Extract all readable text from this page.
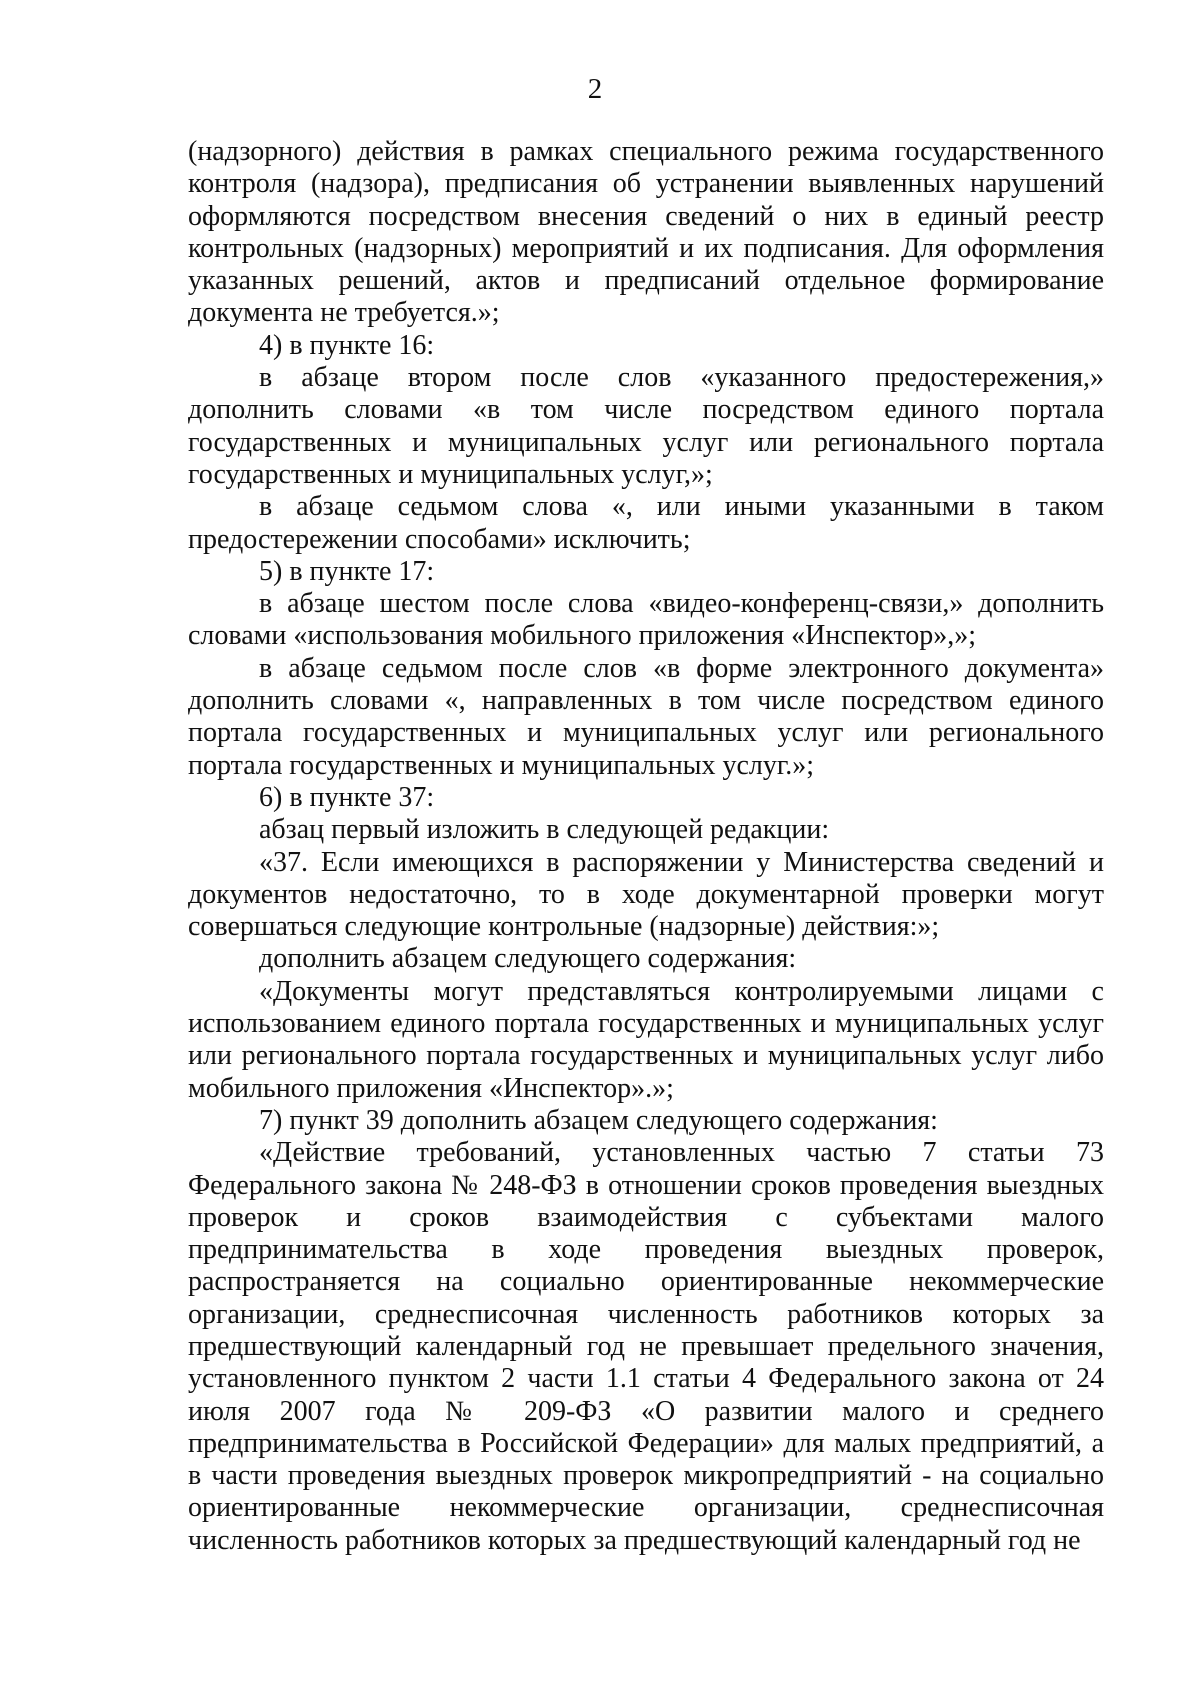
2

(надзорного) действия в рамках специального режима государственного контроля (надзора), предписания об устранении выявленных нарушений оформляются посредством внесения сведений о них в единый реестр контрольных (надзорных) мероприятий и их подписания. Для оформления указанных решений, актов и предписаний отдельное формирование документа не требуется.»;

4) в пункте 16:

в абзаце втором после слов «указанного предостережения,» дополнить словами «в том числе посредством единого портала государственных и муниципальных услуг или регионального портала государственных и муниципальных услуг,»;

в абзаце седьмом слова «, или иными указанными в таком предостережении способами» исключить;

5) в пункте 17:

в абзаце шестом после слова «видео-конференц-связи,» дополнить словами «использования мобильного приложения «Инспектор»,»;

в абзаце седьмом после слов «в форме электронного документа» дополнить словами «, направленных в том числе посредством единого портала государственных и муниципальных услуг или регионального портала государственных и муниципальных услуг.»;

6) в пункте 37:

абзац первый изложить в следующей редакции:

«37. Если имеющихся в распоряжении у Министерства сведений и документов недостаточно, то в ходе документарной проверки могут совершаться следующие контрольные (надзорные) действия:»;

дополнить абзацем следующего содержания:

«Документы могут представляться контролируемыми лицами с использованием единого портала государственных и муниципальных услуг или регионального портала государственных и муниципальных услуг либо мобильного приложения «Инспектор».»;

7) пункт 39 дополнить абзацем следующего содержания:

«Действие требований, установленных частью 7 статьи 73 Федерального закона № 248-ФЗ в отношении сроков проведения выездных проверок и сроков взаимодействия с субъектами малого предпринимательства в ходе проведения выездных проверок, распространяется на социально ориентированные некоммерческие организации, среднесписочная численность работников которых за предшествующий календарный год не превышает предельного значения, установленного пунктом 2 части 1.1 статьи 4 Федерального закона от 24 июля 2007 года № 209-ФЗ «О развитии малого и среднего предпринимательства в Российской Федерации» для малых предприятий, а в части проведения выездных проверок микропредприятий - на социально ориентированные некоммерческие организации, среднесписочная численность работников которых за предшествующий календарный год не
